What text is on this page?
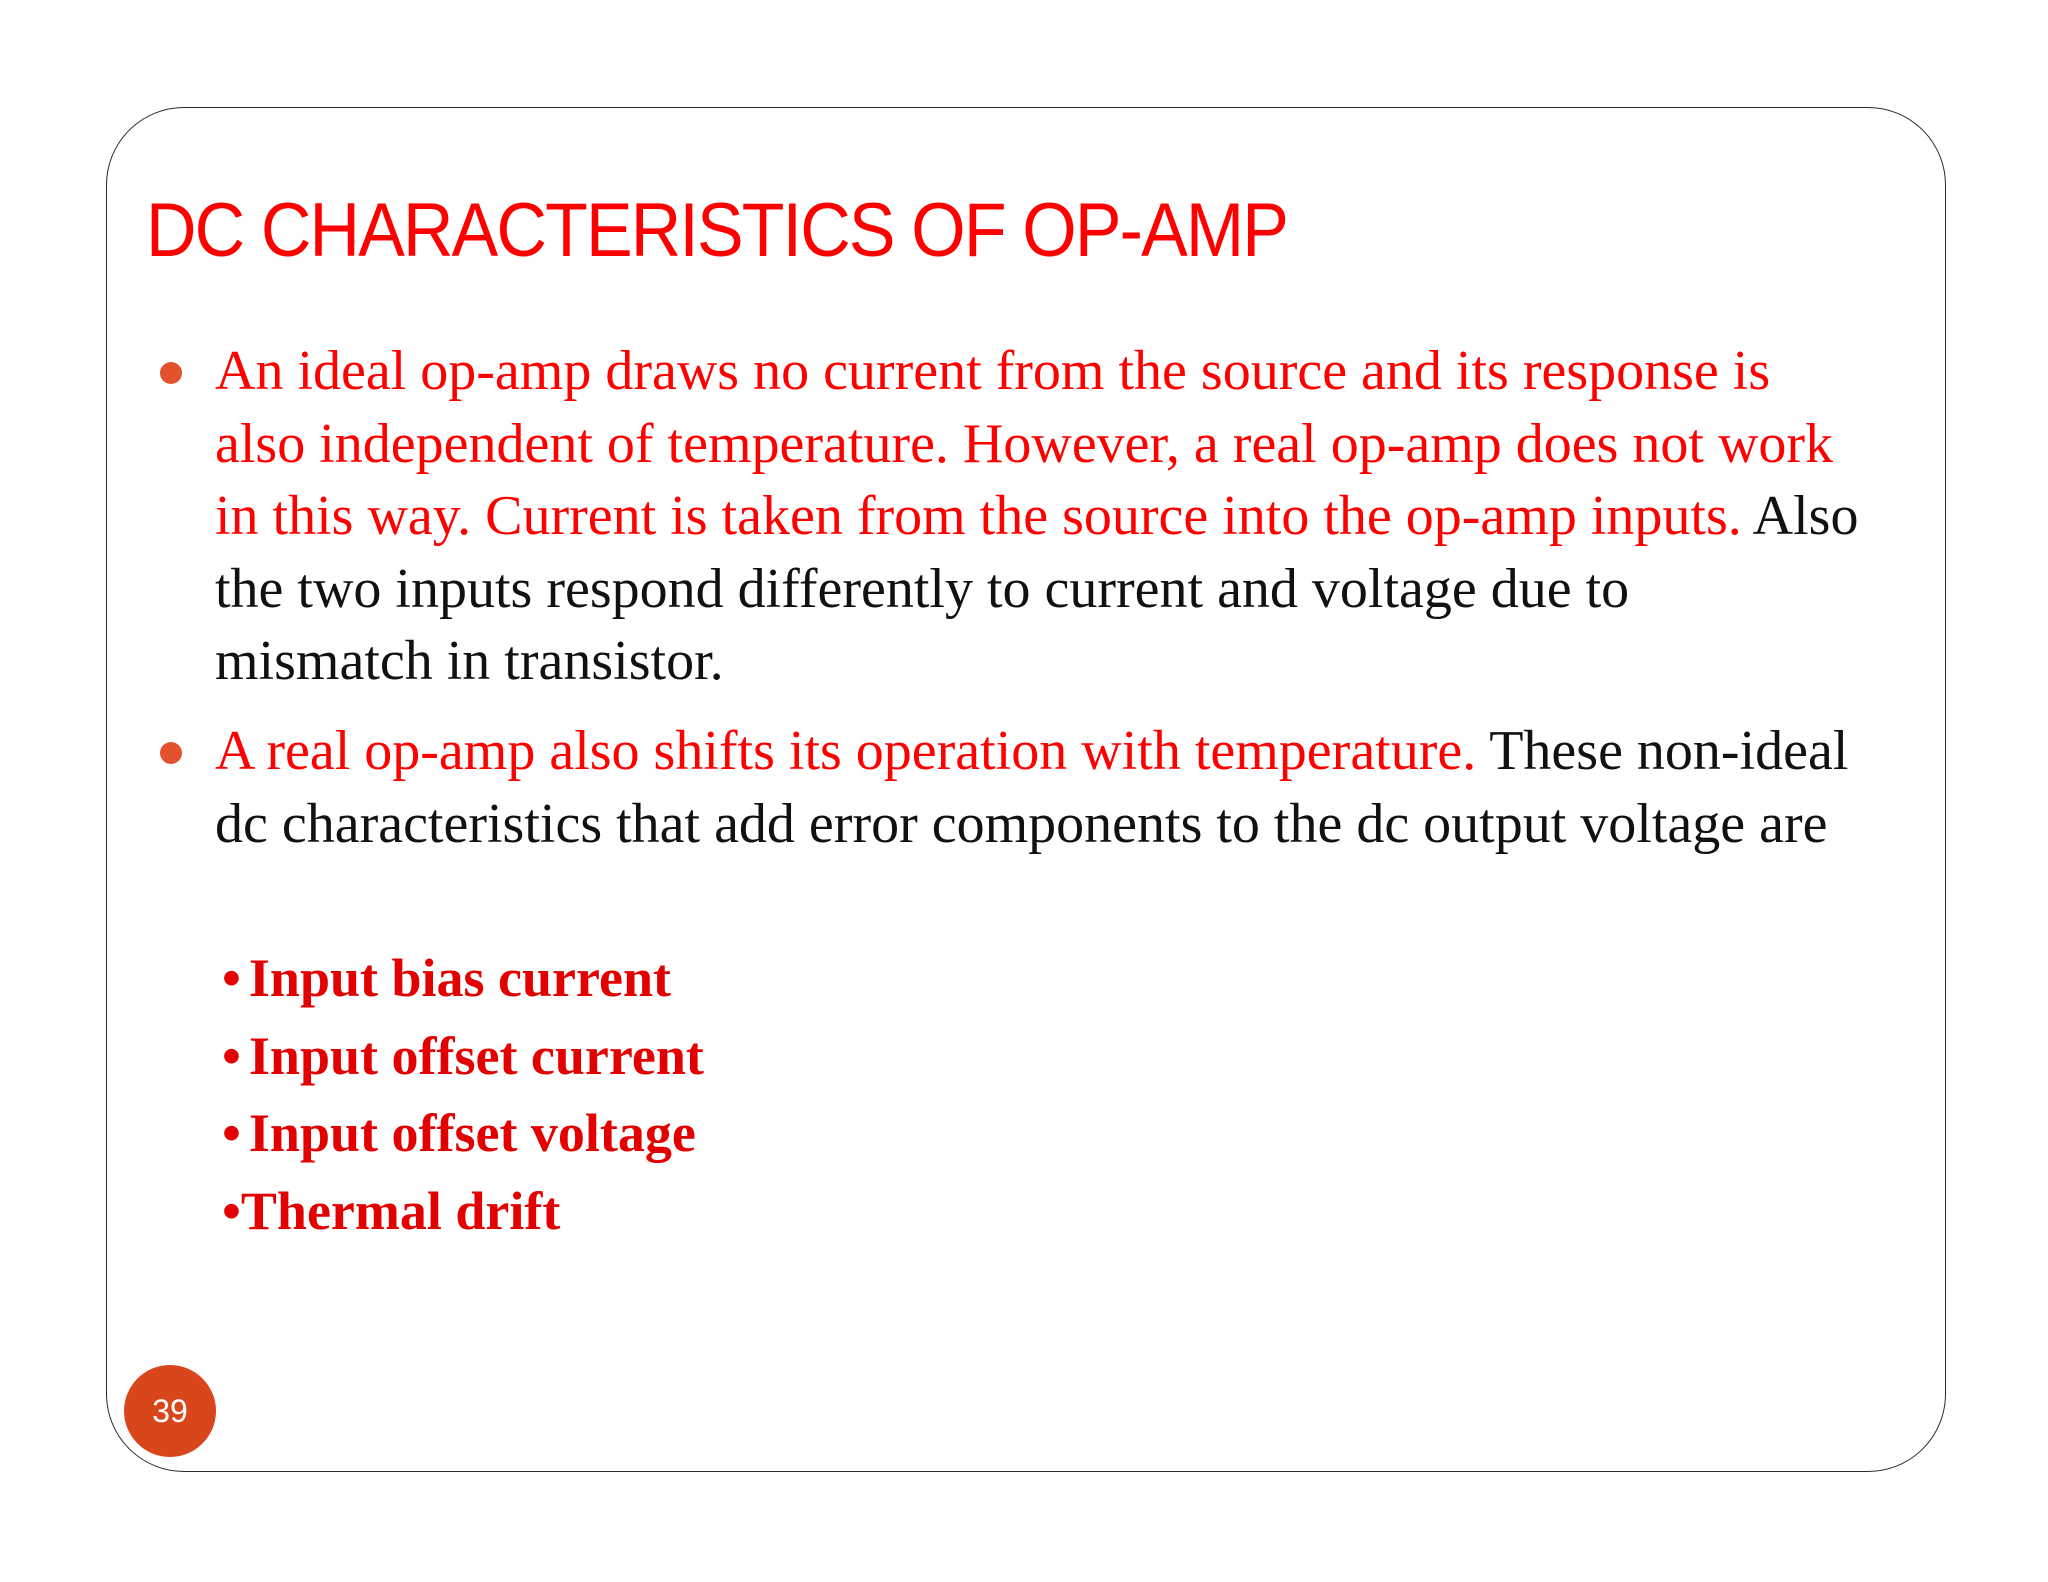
DC CHARACTERISTICS OF OP-AMP

An ideal op-amp draws no current from the source and its response is also independent of temperature. However, a real op-amp does not work in this way. Current is taken from the source into the op-amp inputs. Also the two inputs respond differently to current and voltage due to mismatch in transistor.

A real op-amp also shifts its operation with temperature. These non-ideal dc characteristics that add error components to the dc output voltage are

• Input bias current
• Input offset current
• Input offset voltage
•Thermal drift
39
